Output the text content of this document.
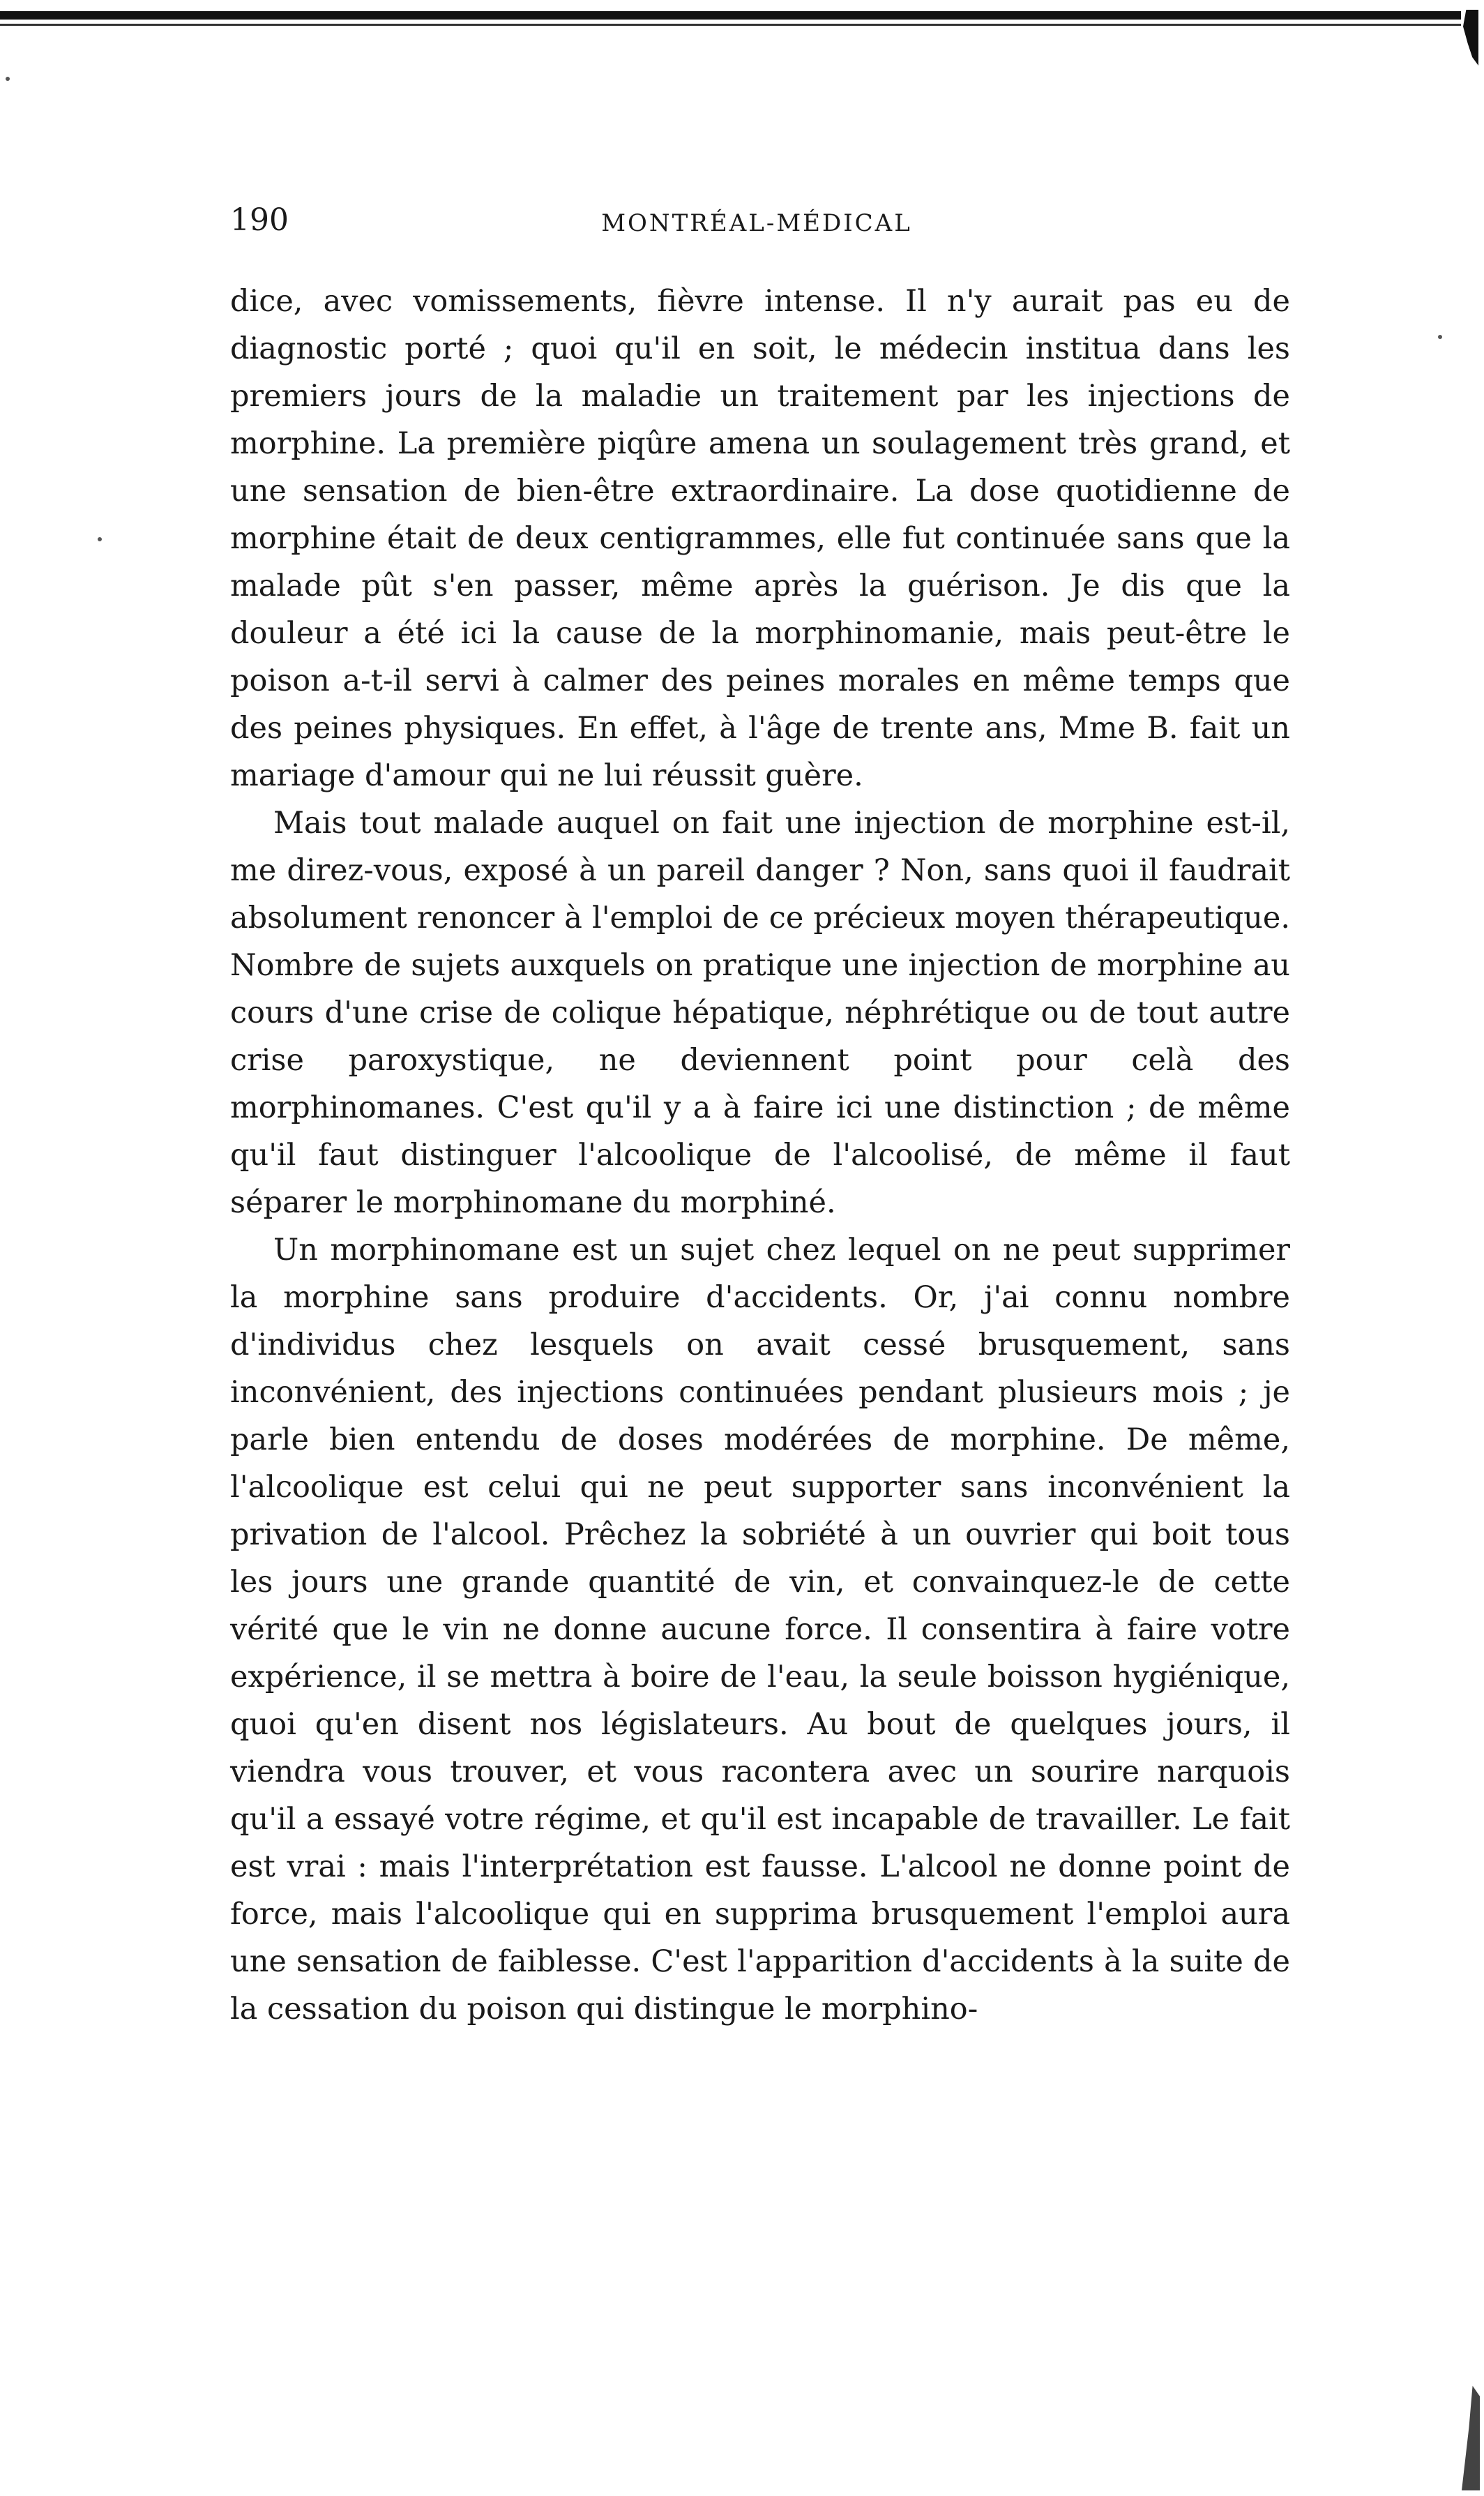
190	MONTRÉAL-MÉDICAL

dice, avec vomissements, fièvre intense. Il n'y aurait pas eu de diagnostic porté ; quoi qu'il en soit, le médecin institua dans les premiers jours de la maladie un traitement par les injections de morphine. La première piqûre amena un soulagement très grand, et une sensation de bien-être extraordinaire. La dose quotidienne de morphine était de deux centigrammes, elle fut continuée sans que la malade pût s'en passer, même après la guérison. Je dis que la douleur a été ici la cause de la morphinomanie, mais peut-être le poison a-t-il servi à calmer des peines morales en même temps que des peines physiques. En effet, à l'âge de trente ans, Mme B. fait un mariage d'amour qui ne lui réussit guère.

Mais tout malade auquel on fait une injection de morphine est-il, me direz-vous, exposé à un pareil danger ? Non, sans quoi il faudrait absolument renoncer à l'emploi de ce précieux moyen thérapeutique. Nombre de sujets auxquels on pratique une injection de morphine au cours d'une crise de colique hépatique, néphrétique ou de tout autre crise paroxystique, ne deviennent point pour celà des morphinomanes. C'est qu'il y a à faire ici une distinction ; de même qu'il faut distinguer l'alcoolique de l'alcoolisé, de même il faut séparer le morphinomane du morphiné.

Un morphinomane est un sujet chez lequel on ne peut supprimer la morphine sans produire d'accidents. Or, j'ai connu nombre d'individus chez lesquels on avait cessé brusquement, sans inconvénient, des injections continuées pendant plusieurs mois ; je parle bien entendu de doses modérées de morphine. De même, l'alcoolique est celui qui ne peut supporter sans inconvénient la privation de l'alcool. Prêchez la sobriété à un ouvrier qui boit tous les jours une grande quantité de vin, et convainquez-le de cette vérité que le vin ne donne aucune force. Il consentira à faire votre expérience, il se mettra à boire de l'eau, la seule boisson hygiénique, quoi qu'en disent nos législateurs. Au bout de quelques jours, il viendra vous trouver, et vous racontera avec un sourire narquois qu'il a essayé votre régime, et qu'il est incapable de travailler. Le fait est vrai : mais l'interprétation est fausse. L'alcool ne donne point de force, mais l'alcoolique qui en supprima brusquement l'emploi aura une sensation de faiblesse. C'est l'apparition d'accidents à la suite de la cessation du poison qui distingue le morphino-
